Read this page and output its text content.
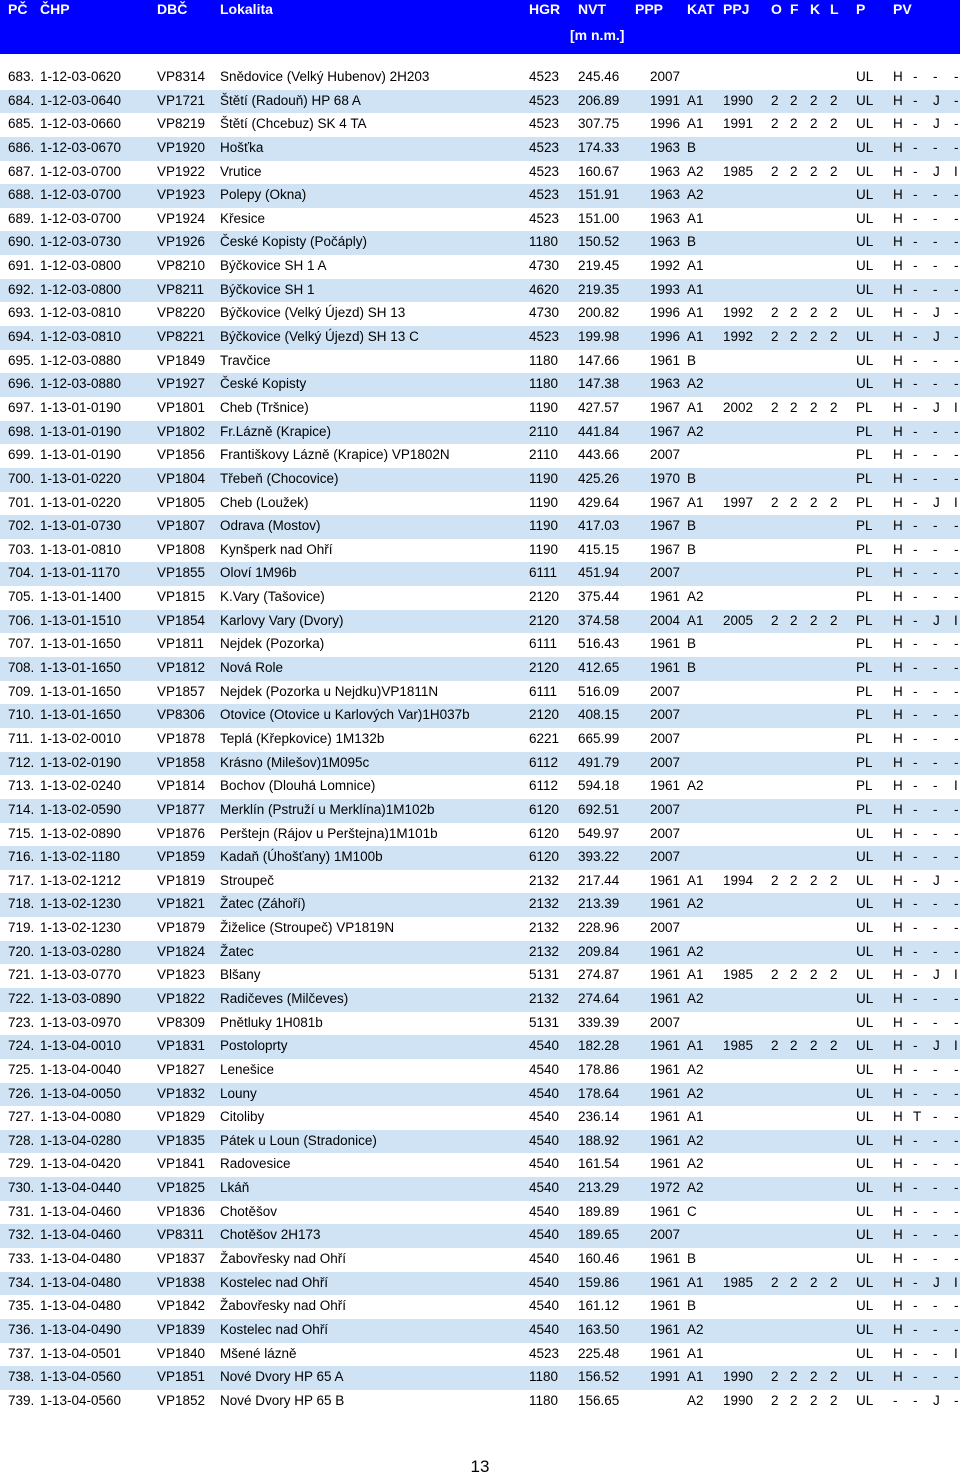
PČ ČHP	DBČ Lokalita	HGR NVT
[m n.m.]
PPP KAT PPJ O F K L P PV
683. 1-12-03-0620	VP8314 Snědovice (Velký Hubenov) 2H203	4523 245.46 2007	UL H - - -
684. 1-12-03-0640	VP1721 Štětí (Radouň) HP 68 A	4523 206.89 1991 A1 1990 2 2 2 2 UL H - J -
685. 1-12-03-0660	VP8219 Štětí (Chcebuz) SK 4 TA	4523 307.75 1996 A1 1991 2 2 2 2 UL H - J -
686. 1-12-03-0670	VP1920 Hošťka	4523 174.33 1963 B	UL H - - -
687. 1-12-03-0700	VP1922 Vrutice	4523 160.67 1963 A2 1985 2 2 2 2 UL H - J I
688. 1-12-03-0700	VP1923 Polepy (Okna)	4523 151.91 1963 A2	UL H - - -
689. 1-12-03-0700	VP1924 Křesice	4523 151.00 1963 A1	UL H - - -
690. 1-12-03-0730	VP1926 České Kopisty (Počáply)	1180 150.52 1963 B	UL H - - -
691. 1-12-03-0800	VP8210 Býčkovice SH 1 A	4730 219.45 1992 A1	UL H - - -
692. 1-12-03-0800	VP8211 Býčkovice SH 1	4620 219.35 1993 A1	UL H - - -
693. 1-12-03-0810	VP8220 Býčkovice (Velký Újezd) SH 13	4730 200.82 1996 A1 1992 2 2 2 2 UL H - J -
694. 1-12-03-0810	VP8221 Býčkovice (Velký Újezd) SH 13 C	4523 199.98 1996 A1 1992 2 2 2 2 UL H - J -
695. 1-12-03-0880	VP1849 Travčice	1180 147.66 1961 B	UL H - - -
696. 1-12-03-0880	VP1927 České Kopisty	1180 147.38 1963 A2	UL H - - -
697. 1-13-01-0190	VP1801 Cheb (Tršnice)	1190 427.57 1967 A1 2002 2 2 2 2 PL H - J I
698. 1-13-01-0190	VP1802 Fr.Lázně (Krapice)	2110 441.84 1967 A2	PL H - - -
699. 1-13-01-0190	VP1856 Františkovy Lázně (Krapice) VP1802N	2110 443.66 2007	PL H - - -
700. 1-13-01-0220	VP1804 Třebeň (Chocovice)	1190 425.26 1970 B	PL H - - -
701. 1-13-01-0220	VP1805 Cheb (Loužek)	1190 429.64 1967 A1 1997 2 2 2 2 PL H - J I
702. 1-13-01-0730	VP1807 Odrava (Mostov)	1190 417.03 1967 B	PL H - - -
703. 1-13-01-0810	VP1808 Kynšperk nad Ohří	1190 415.15 1967 B	PL H - - -
704. 1-13-01-1170	VP1855 Oloví 1M96b	6111 451.94 2007	PL H - - -
705. 1-13-01-1400	VP1815 K.Vary (Tašovice)	2120 375.44 1961 A2	PL H - - -
706. 1-13-01-1510	VP1854 Karlovy Vary (Dvory)	2120 374.58 2004 A1 2005 2 2 2 2 PL H - J I
707. 1-13-01-1650	VP1811 Nejdek (Pozorka)	6111 516.43 1961 B	PL H - - -
708. 1-13-01-1650	VP1812 Nová Role	2120 412.65 1961 B	PL H - - -
709. 1-13-01-1650	VP1857 Nejdek (Pozorka u Nejdku)VP1811N	6111 516.09 2007	PL H - - -
710. 1-13-01-1650	VP8306 Otovice (Otovice u Karlových Var)1H037b	2120 408.15 2007	PL H - - -
711. 1-13-02-0010	VP1878 Teplá (Křepkovice) 1M132b	6221 665.99 2007	PL H - - -
712. 1-13-02-0190	VP1858 Krásno (Milešov)1M095c	6112 491.79 2007	PL H - - -
713. 1-13-02-0240	VP1814 Bochov (Dlouhá Lomnice)	6112 594.18 1961 A2	PL H - - I
714. 1-13-02-0590	VP1877 Merklín (Pstruží u Merklína)1M102b	6120 692.51 2007	PL H - - -
715. 1-13-02-0890	VP1876 Perštejn (Rájov u Perštejna)1M101b	6120 549.97 2007	UL H - - -
716. 1-13-02-1180	VP1859 Kadaň (Úhošťany) 1M100b	6120 393.22 2007	UL H - - -
717. 1-13-02-1212	VP1819 Stroupeč	2132 217.44 1961 A1 1994 2 2 2 2 UL H - J -
718. 1-13-02-1230	VP1821 Žatec (Záhoří)	2132 213.39 1961 A2	UL H - - -
719. 1-13-02-1230	VP1879 Žiželice (Stroupeč) VP1819N	2132 228.96 2007	UL H - - -
720. 1-13-03-0280	VP1824 Žatec	2132 209.84 1961 A2	UL H - - -
721. 1-13-03-0770	VP1823 Blšany	5131 274.87 1961 A1 1985 2 2 2 2 UL H - J I
722. 1-13-03-0890	VP1822 Radičeves (Milčeves)	2132 274.64 1961 A2	UL H - - -
723. 1-13-03-0970	VP8309 Pnětluky 1H081b	5131 339.39 2007	UL H - - -
724. 1-13-04-0010	VP1831 Postoloprty	4540 182.28 1961 A1 1985 2 2 2 2 UL H - J I
725. 1-13-04-0040	VP1827 Lenešice	4540 178.86 1961 A2	UL H - - -
726. 1-13-04-0050	VP1832 Louny	4540 178.64 1961 A2	UL H - - -
727. 1-13-04-0080	VP1829 Citoliby	4540 236.14 1961 A1	UL H T - -
728. 1-13-04-0280	VP1835 Pátek u Loun (Stradonice)	4540 188.92 1961 A2	UL H - - -
729. 1-13-04-0420	VP1841 Radovesice	4540 161.54 1961 A2	UL H - - -
730. 1-13-04-0440	VP1825 Lkáň	4540 213.29 1972 A2	UL H - - -
731. 1-13-04-0460	VP1836 Chotěšov	4540 189.89 1961 C	UL H - - -
732. 1-13-04-0460	VP8311 Chotěšov 2H173	4540 189.65 2007	UL H - - -
733. 1-13-04-0480	VP1837 Žabovřesky nad Ohří	4540 160.46 1961 B	UL H - - -
734. 1-13-04-0480	VP1838 Kostelec nad Ohří	4540 159.86 1961 A1 1985 2 2 2 2 UL H - J I
735. 1-13-04-0480	VP1842 Žabovřesky nad Ohří	4540 161.12 1961 B	UL H - - -
736. 1-13-04-0490	VP1839 Kostelec nad Ohří	4540 163.50 1961 A2	UL H - - -
737. 1-13-04-0501	VP1840 Mšené lázně	4523 225.48 1961 A1	UL H - - I
738. 1-13-04-0560	VP1851 Nové Dvory HP 65 A	1180 156.52 1991 A1 1990 2 2 2 2 UL H - - -
739. 1-13-04-0560	VP1852 Nové Dvory HP 65 B	1180 156.65	A2 1990 2 2 2 2 UL - - J -
13
